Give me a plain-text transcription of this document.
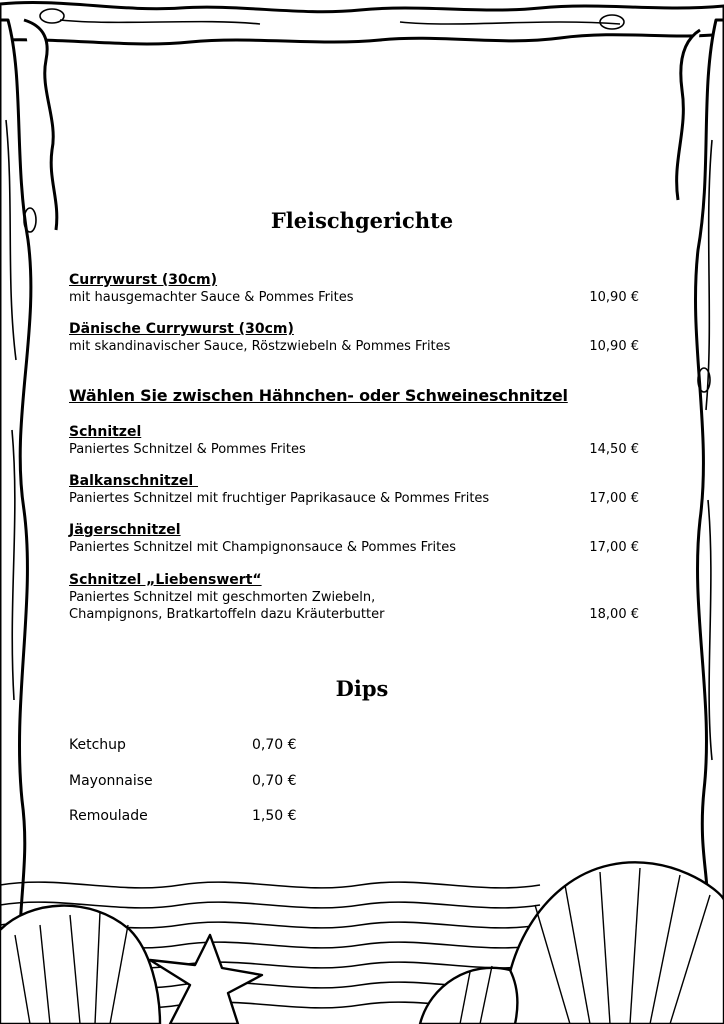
Fleischgerichte
Currywurst (30cm)
mit hausgemachter Sauce & Pommes Frites	10,90 €
Dänische Currywurst (30cm)
mit skandinavischer Sauce, Röstzwiebeln & Pommes Frites	10,90 €
Wählen Sie zwischen Hähnchen- oder Schweineschnitzel
Schnitzel
Paniertes Schnitzel & Pommes Frites	14,50 €
Balkanschnitzel
Paniertes Schnitzel mit fruchtiger Paprikasauce & Pommes Frites	17,00 €
Jägerschnitzel
Paniertes Schnitzel mit Champignonsauce & Pommes Frites	17,00 €
Schnitzel „Liebenswert“
Paniertes Schnitzel mit geschmorten Zwiebeln,
Champignons, Bratkartoffeln dazu Kräuterbutter	18,00 €
Dips
Ketchup	0,70 €
Mayonnaise	0,70 €
Remoulade	1,50 €
